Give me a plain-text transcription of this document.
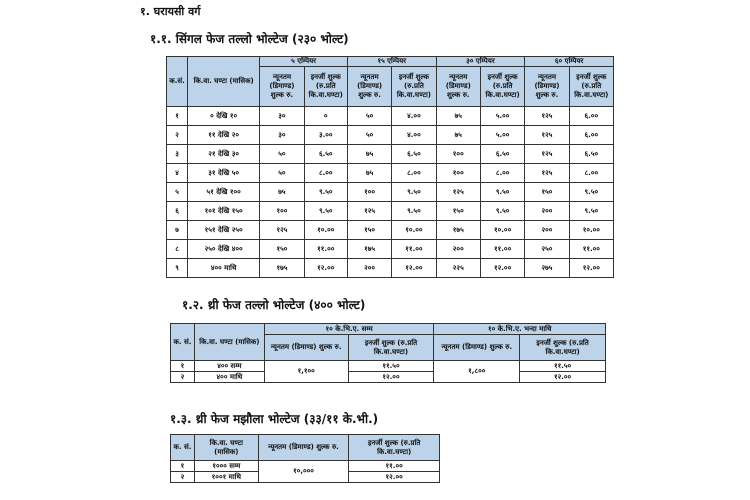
१. घरायसी वर्ग
१.१. सिंगल फेज तल्लो भोल्टेज (२३० भोल्ट)
क.सं.	कि.वा. घण्टा (मासिक)	५ एम्पियर		१५ एम्पियर		३० एम्पियर		६० एम्पियर	
		न्यूनतम (डिमाण्ड) शुल्क रु.	इनर्जी शुल्क (रु.प्रति कि.वा.घण्टा)	न्यूनतम (डिमाण्ड) शुल्क रु.	इनर्जी शुल्क (रु.प्रति कि.वा.घण्टा)	न्यूनतम (डिमाण्ड) शुल्क रु.	इनर्जी शुल्क (रु.प्रति कि.वा.घण्टा)	न्यूनतम (डिमाण्ड) शुल्क रु.	इनर्जी शुल्क (रु.प्रति कि.वा.घण्टा)
१	० देखि १०	३०	०	५०	४.००	७५	५.००	१२५	६.००
२	११ देखि २०	३०	३.००	५०	४.००	७५	५.००	१२५	६.००
३	२१ देखि ३०	५०	६.५०	७५	६.५०	१००	६.५०	१२५	६.५०
४	३१ देखि ५०	५०	८.००	७५	८.००	१००	८.००	१२५	८.००
५	५१ देखि १००	७५	९.५०	१००	९.५०	१२५	९.५०	१५०	९.५०
६	१०१ देखि १५०	१००	९.५०	१२५	९.५०	१५०	९.५०	२००	९.५०
७	१५१ देखि २५०	१२५	१०.००	१५०	१०.००	१७५	१०.००	२००	१०.००
८	२५० देखि ४००	१५०	११.००	१७५	११.००	२००	११.००	२५०	११.००
९	४०० माथि	१७५	१२.००	२००	१२.००	२२५	१२.००	२७५	१२.००
१.२. थ्री फेज तल्लो भोल्टेज (४०० भोल्ट)
क. सं.	कि.वा. घण्टा (मासिक)	१० के.भि.ए. सम्म		१० के.भि.ए. भन्दा माथि	
		न्यूनतम (डिमाण्ड) शुल्क रु.	इनर्जी शुल्क (रु.प्रति कि.वा.घण्टा)	न्यूनतम (डिमाण्ड) शुल्क रु.	इनर्जी शुल्क (रु.प्रति कि.वा.घण्टा)
१	४०० सम्म	१,१००	११.५०	१,८००	११.५०
२	४०० माथि		१२.००		१२.००
१.३. थ्री फेज मझौला भोल्टेज (३३/११ के.भी.)
क. सं.	कि.वा. घण्टा (मासिक)	न्यूनतम (डिमाण्ड) शुल्क रु.	इनर्जी शुल्क (रु.प्रति कि.वा.घण्टा)
१	१००० सम्म	१०,०००	११.००
२	१००१ माथि		१२.००
